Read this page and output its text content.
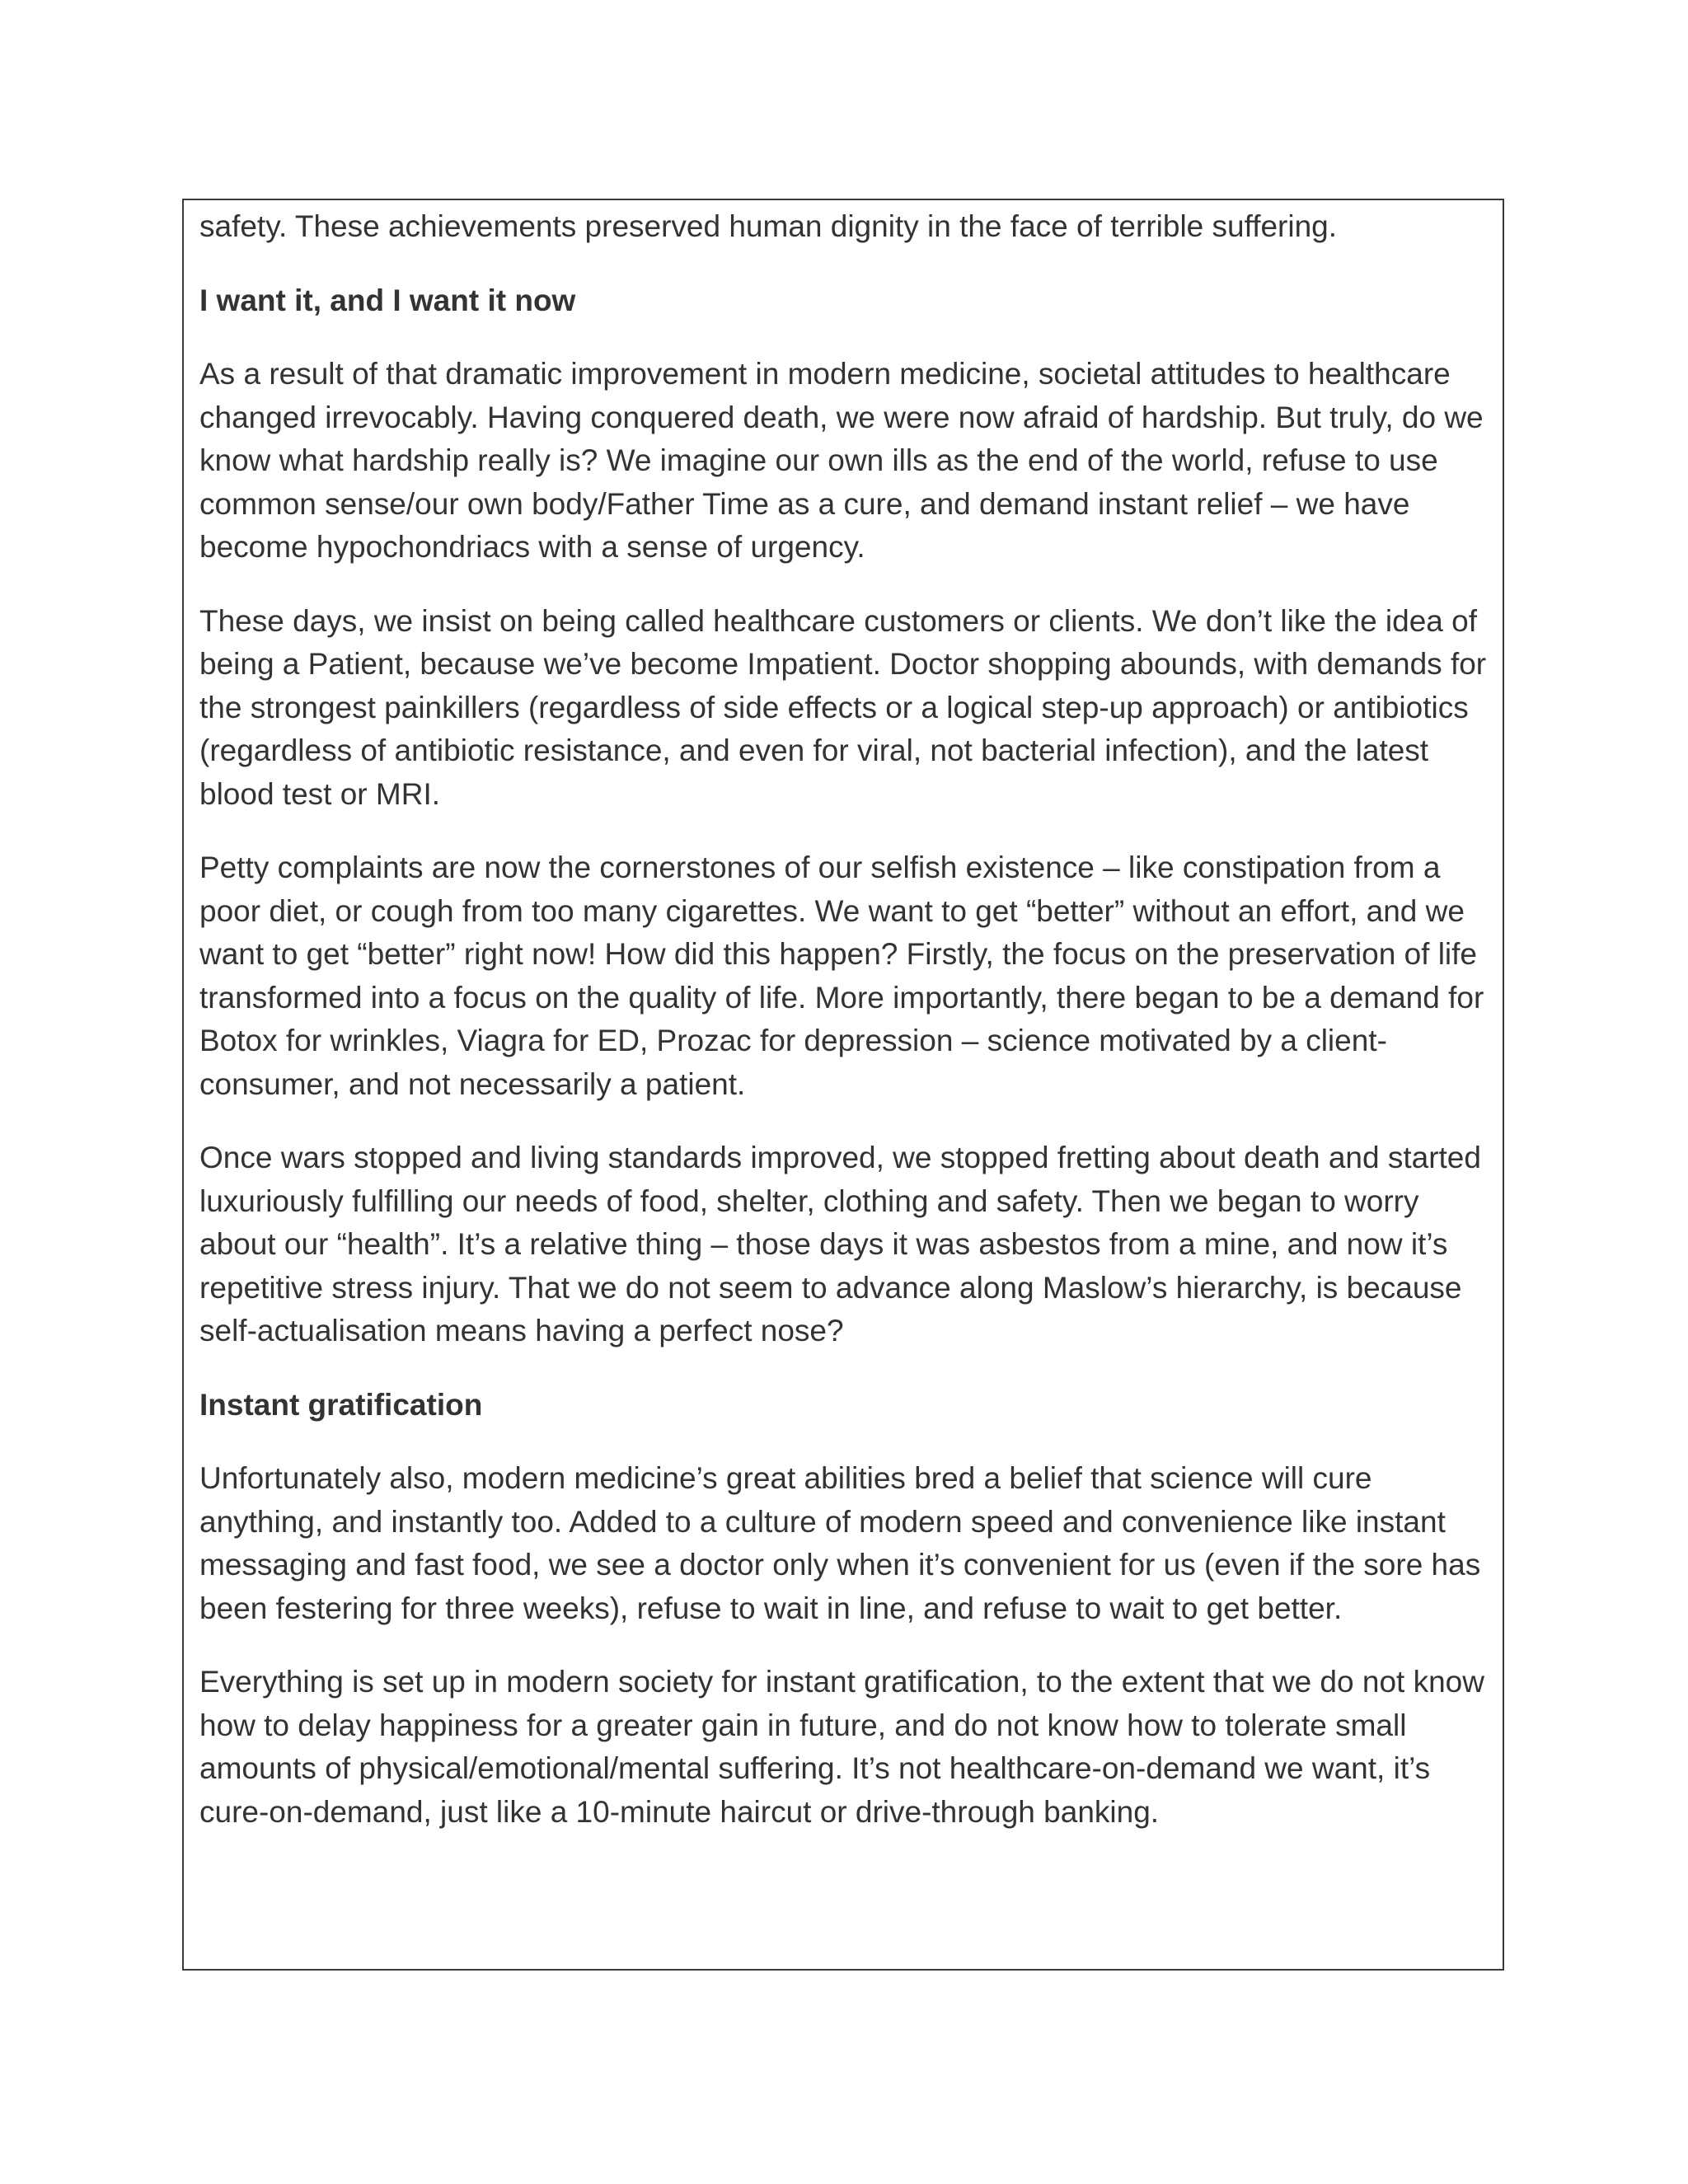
safety. These achievements preserved human dignity in the face of terrible suffering.

I want it, and I want it now

As a result of that dramatic improvement in modern medicine, societal attitudes to healthcare changed irrevocably. Having conquered death, we were now afraid of hardship. But truly, do we know what hardship really is? We imagine our own ills as the end of the world, refuse to use common sense/our own body/Father Time as a cure, and demand instant relief – we have become hypochondriacs with a sense of urgency.

These days, we insist on being called healthcare customers or clients. We don’t like the idea of being a Patient, because we’ve become Impatient. Doctor shopping abounds, with demands for the strongest painkillers (regardless of side effects or a logical step-up approach) or antibiotics (regardless of antibiotic resistance, and even for viral, not bacterial infection), and the latest blood test or MRI.

Petty complaints are now the cornerstones of our selfish existence – like constipation from a poor diet, or cough from too many cigarettes. We want to get “better” without an effort, and we want to get “better” right now! How did this happen? Firstly, the focus on the preservation of life transformed into a focus on the quality of life. More importantly, there began to be a demand for Botox for wrinkles, Viagra for ED, Prozac for depression – science motivated by a client-consumer, and not necessarily a patient.

Once wars stopped and living standards improved, we stopped fretting about death and started luxuriously fulfilling our needs of food, shelter, clothing and safety. Then we began to worry about our “health”. It’s a relative thing – those days it was asbestos from a mine, and now it’s repetitive stress injury. That we do not seem to advance along Maslow’s hierarchy, is because self-actualisation means having a perfect nose?

Instant gratification

Unfortunately also, modern medicine’s great abilities bred a belief that science will cure anything, and instantly too. Added to a culture of modern speed and convenience like instant messaging and fast food, we see a doctor only when it’s convenient for us (even if the sore has been festering for three weeks), refuse to wait in line, and refuse to wait to get better.

Everything is set up in modern society for instant gratification, to the extent that we do not know how to delay happiness for a greater gain in future, and do not know how to tolerate small amounts of physical/emotional/mental suffering. It’s not healthcare-on-demand we want, it’s cure-on-demand, just like a 10-minute haircut or drive-through banking.
